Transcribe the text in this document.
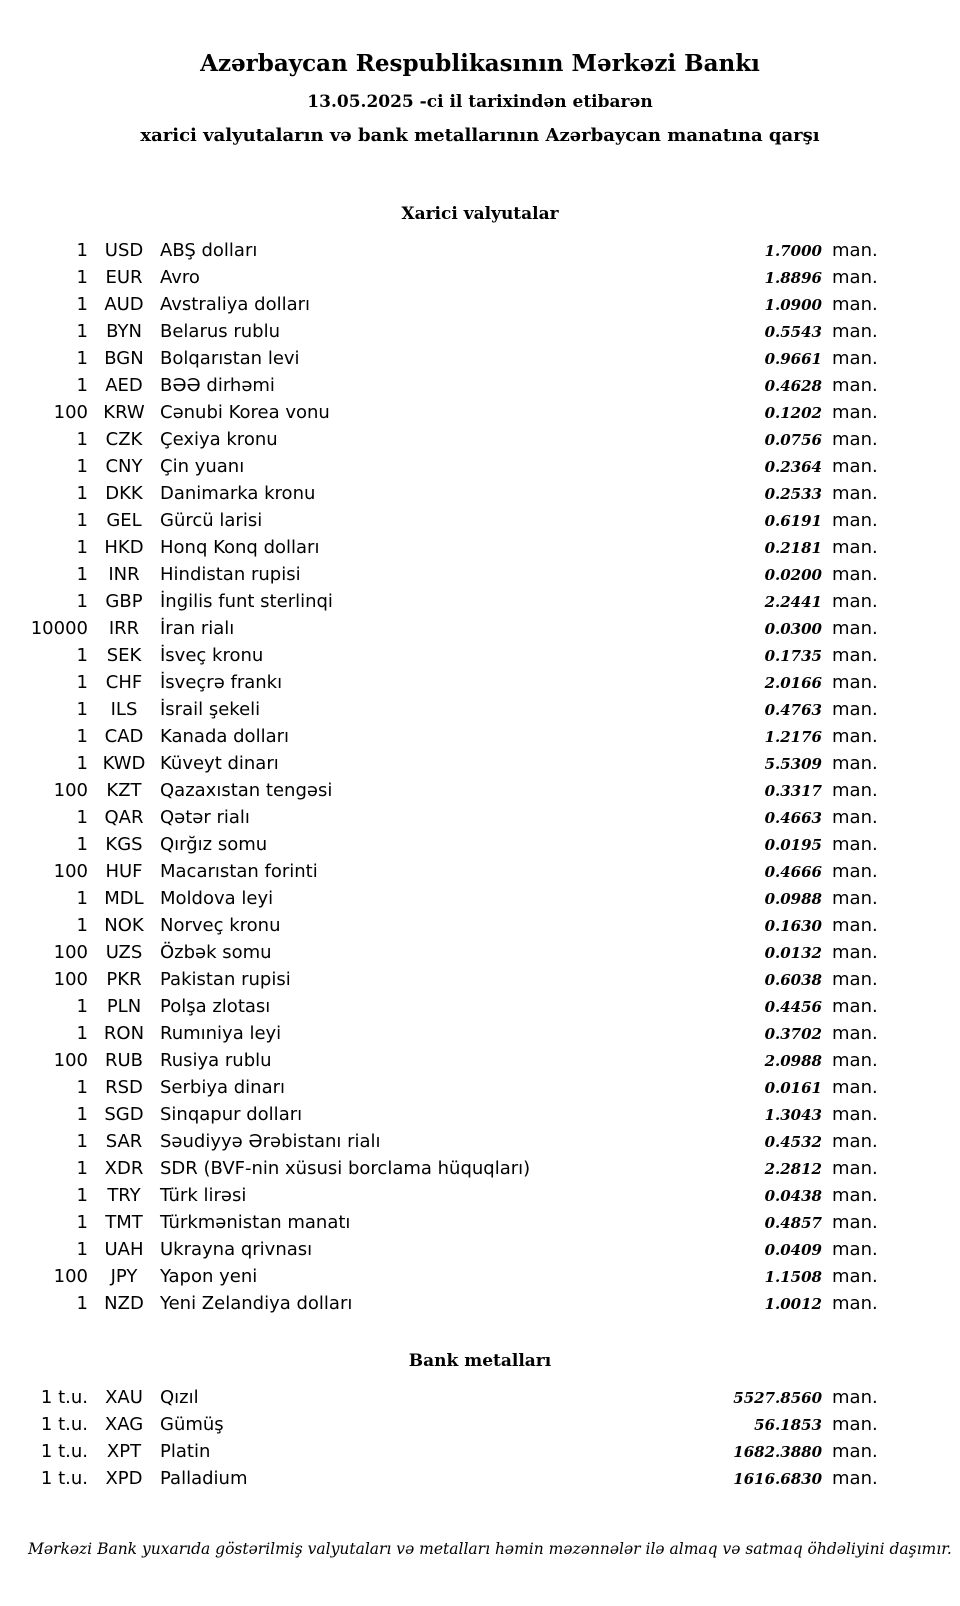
Azərbaycan Respublikasının Mərkəzi Bankı
13.05.2025 -ci il tarixindən etibarən
xarici valyutaların və bank metallarının Azərbaycan manatına qarşı
Xarici valyutalar
1 USD ABŞ dolları	1.7000 man.
1 EUR Avro	1.8896 man.
1 AUD Avstraliya dolları	1.0900 man.
1	BYN	Belarus rublu	0.5543 man.
1 BGN Bolqarıstan levi	0.9661 man.
1 AED BƏƏ dirhəmi	0.4628 man.
100 KRW Cənubi Korea vonu	0.1202 man.
1 CZK Çexiya kronu	0.0756 man.
1 CNY Çin yuanı	0.2364 man.
1 DKK Danimarka kronu	0.2533 man.
1	GEL	Gürcü larisi	0.6191 man.
1 HKD Honq Konq dolları	0.2181 man.
1	INR	Hindistan rupisi	0.0200 man.
1 GBP İngilis funt sterlinqi	2.2441 man.
10000	IRR	İran rialı	0.0300 man.
1	SEK	İsveç kronu	0.1735 man.
1 CHF İsveçrə frankı	2.0166 man.
1	ILS	İsrail şekeli	0.4763 man.
1 CAD Kanada dolları	1.2176 man.
1 KWD Küveyt dinarı	5.5309 man.
100	KZT	Qazaxıstan tengəsi	0.3317 man.
1 QAR Qətər rialı	0.4663 man.
1 KGS Qırğız somu	0.0195 man.
100 HUF Macarıstan forinti	0.4666 man.
1 MDL Moldova leyi	0.0988 man.
1 NOK Norveç kronu	0.1630 man.
100 UZS Özbək somu	0.0132 man.
100	PKR	Pakistan rupisi	0.6038 man.
1	PLN	Polşa zlotası	0.4456 man.
1 RON Rumıniya leyi	0.3702 man.
100 RUB Rusiya rublu	2.0988 man.
1 RSD Serbiya dinarı	0.0161 man.
1 SGD Sinqapur dolları	1.3043 man.
1 SAR Səudiyyə Ərəbistanı rialı	0.4532 man.
1 XDR SDR (BVF-nin xüsusi borclama hüquqları)	2.2812 man.
1	TRY	Türk lirəsi	0.0438 man.
1 TMT Türkmənistan manatı	0.4857 man.
1 UAH Ukrayna qrivnası	0.0409 man.
100	JPY	Yapon yeni	1.1508 man.
1 NZD Yeni Zelandiya dolları	1.0012 man.
Bank metalları
1 t.u. XAU Qızıl	5527.8560 man.
1 t.u. XAG Gümüş	56.1853 man.
1 t.u.	XPT	Platin	1682.3880 man.
1 t.u. XPD Palladium	1616.6830 man.
Mərkəzi Bank yuxarıda göstərilmiş valyutaları və metalları həmin məzənnələr ilə almaq və satmaq öhdəliyini daşımır.
